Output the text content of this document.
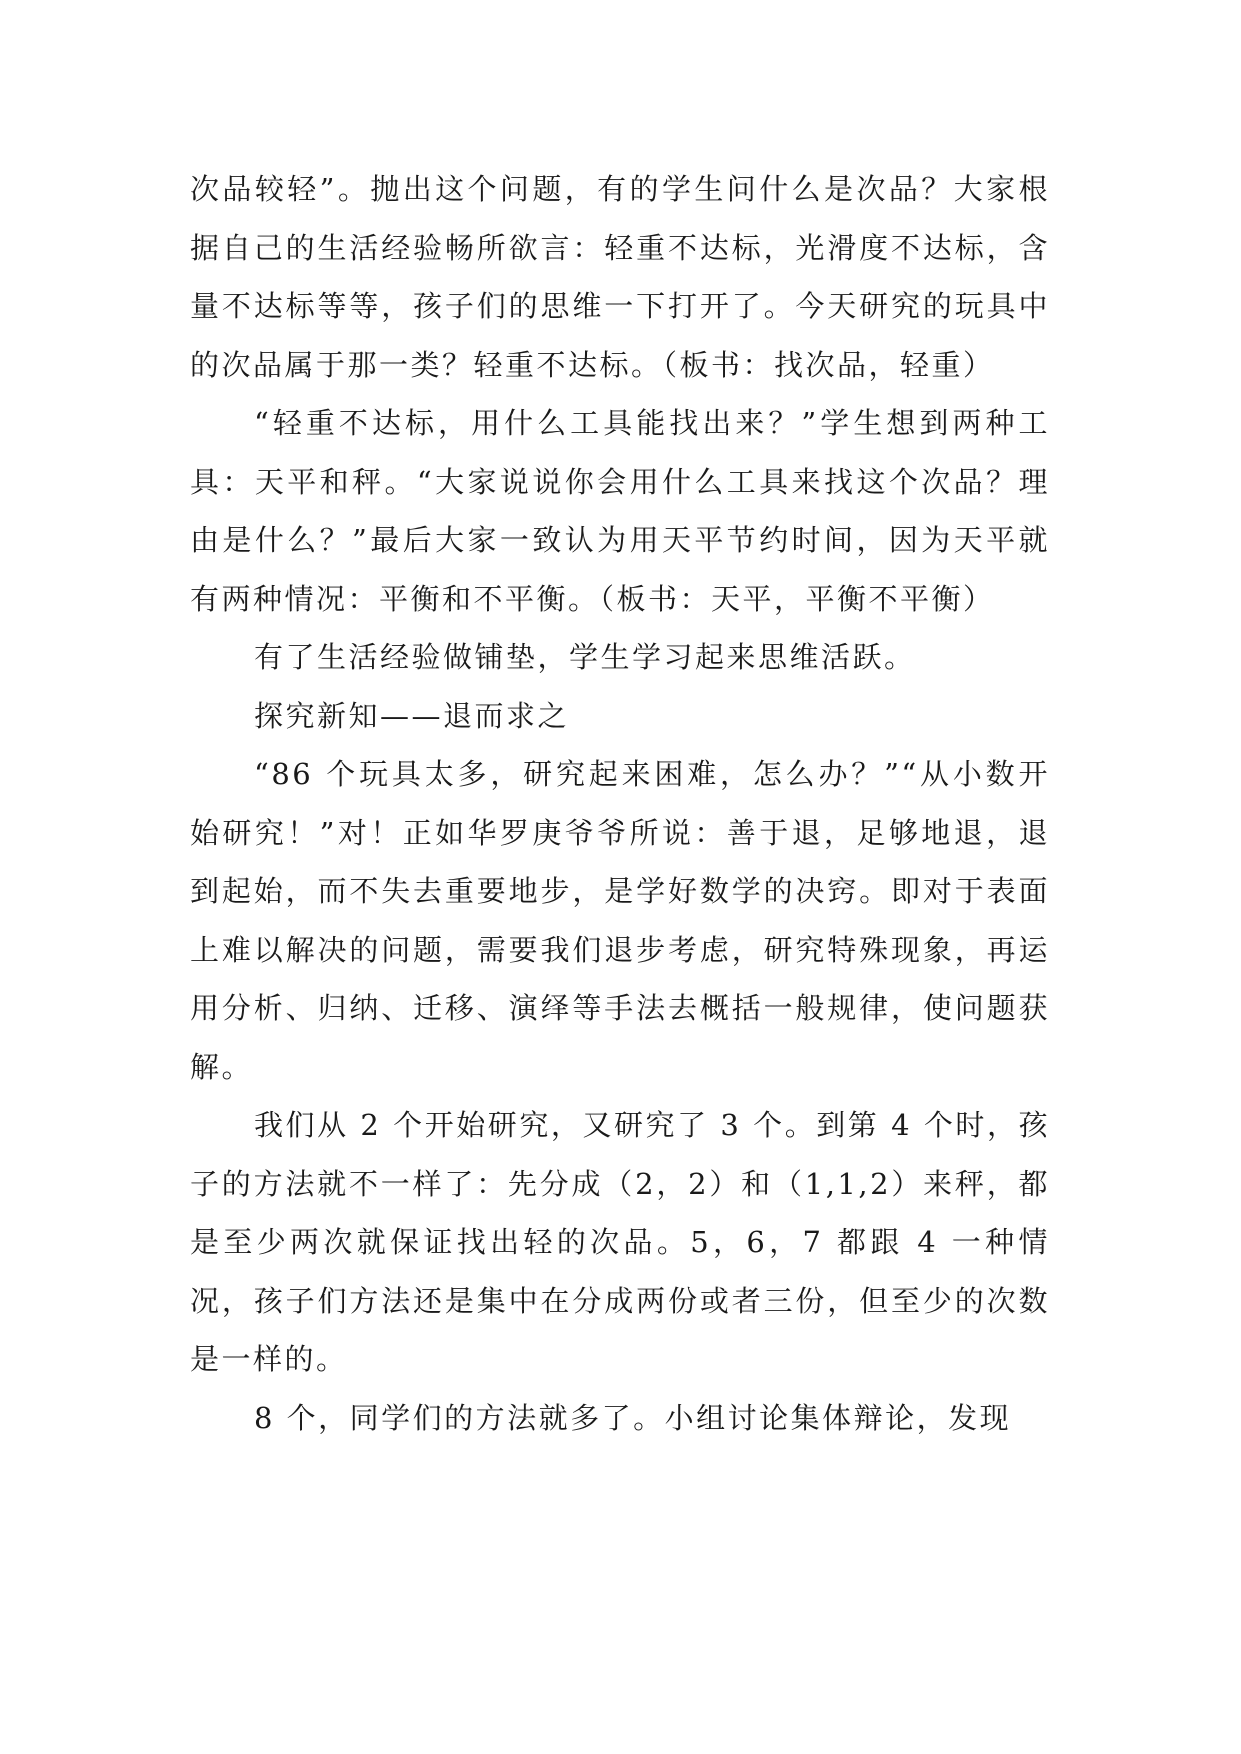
次品较轻”。抛出这个问题，有的学生问什么是次品？大家根据自己的生活经验畅所欲言：轻重不达标，光滑度不达标，含量不达标等等，孩子们的思维一下打开了。今天研究的玩具中的次品属于那一类？轻重不达标。（板书：找次品，轻重）

“轻重不达标，用什么工具能找出来？”学生想到两种工具：天平和秤。“大家说说你会用什么工具来找这个次品？理由是什么？”最后大家一致认为用天平节约时间，因为天平就有两种情况：平衡和不平衡。（板书：天平，平衡不平衡）

有了生活经验做铺垫，学生学习起来思维活跃。

探究新知——退而求之

“86 个玩具太多，研究起来困难，怎么办？”“从小数开始研究！”对！正如华罗庚爷爷所说：善于退，足够地退，退到起始，而不失去重要地步，是学好数学的决窍。即对于表面上难以解决的问题，需要我们退步考虑，研究特殊现象，再运用分析、归纳、迁移、演绎等手法去概括一般规律，使问题获解。

我们从 2 个开始研究，又研究了 3 个。到第 4 个时，孩子的方法就不一样了：先分成（2，2）和（1,1,2）来秤，都是至少两次就保证找出轻的次品。5，6，7 都跟 4 一种情况，孩子们方法还是集中在分成两份或者三份，但至少的次数是一样的。

8 个，同学们的方法就多了。小组讨论集体辩论，发现
